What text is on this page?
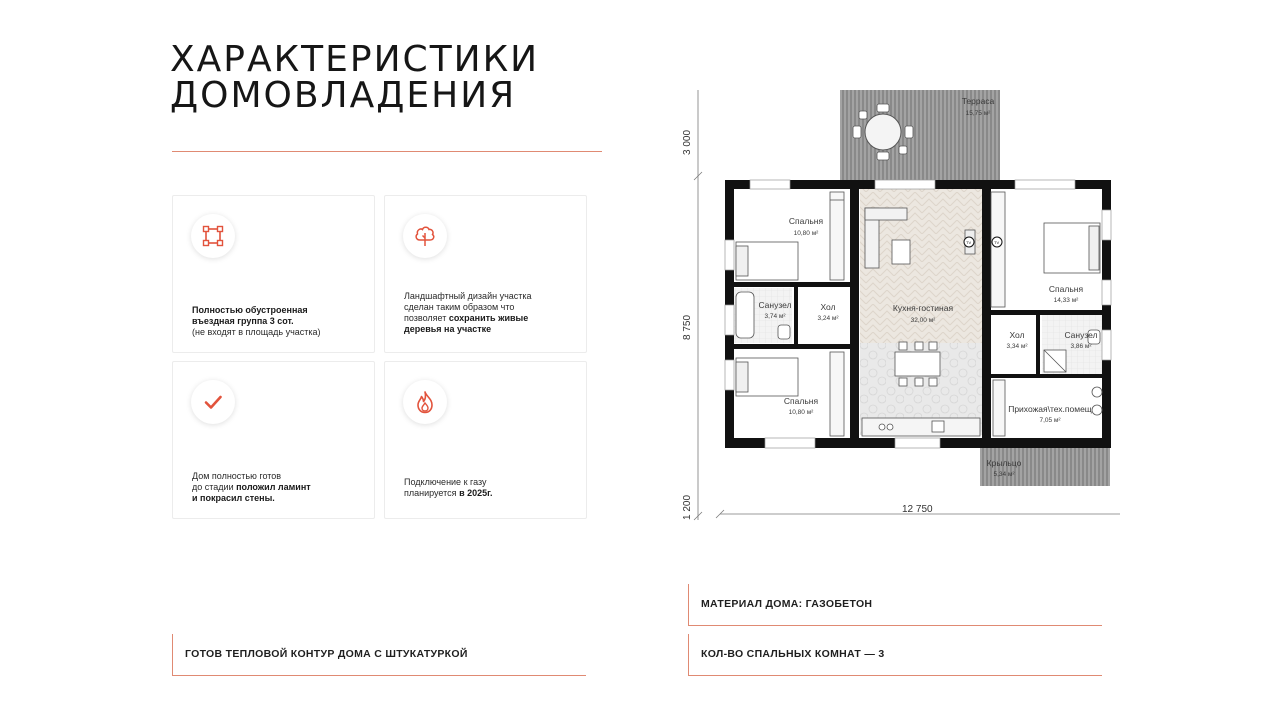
ХАРАКТЕРИСТИКИ
ДОМОВЛАДЕНИЯ
Полностью обустроенная
въездная группа 3 сот.
(не входят в площадь участка)
Ландшафтный дизайн участка
сделан таким образом что
позволяет сохранить живые
деревья на участке
Дом полностью готов
до стадии положил ламинт
и покрасил стены.
Подключение к газу
планируется в 2025г.
МАТЕРИАЛ ДОМА: ГАЗОБЕТОН
КОЛ-ВО СПАЛЬНЫХ КОМНАТ — 3
ГОТОВ ТЕПЛОВОЙ КОНТУР ДОМА С ШТУКАТУРКОЙ
3 000
8 750
1 200	12 750
TV	TV
Терраса
15,75 м²
Спальня
10,80 м²
Санузел
3,74 м²
Хол
3,24 м²
Кухня-гостиная
32,00 м²
Спальня
14,33 м²
Хол
3,34 м²
Санузел
3,86 м²
Спальня
10,80 м²	Прихожая\тех.помещ
7,05 м²
Крыльцо
5,34 м²
